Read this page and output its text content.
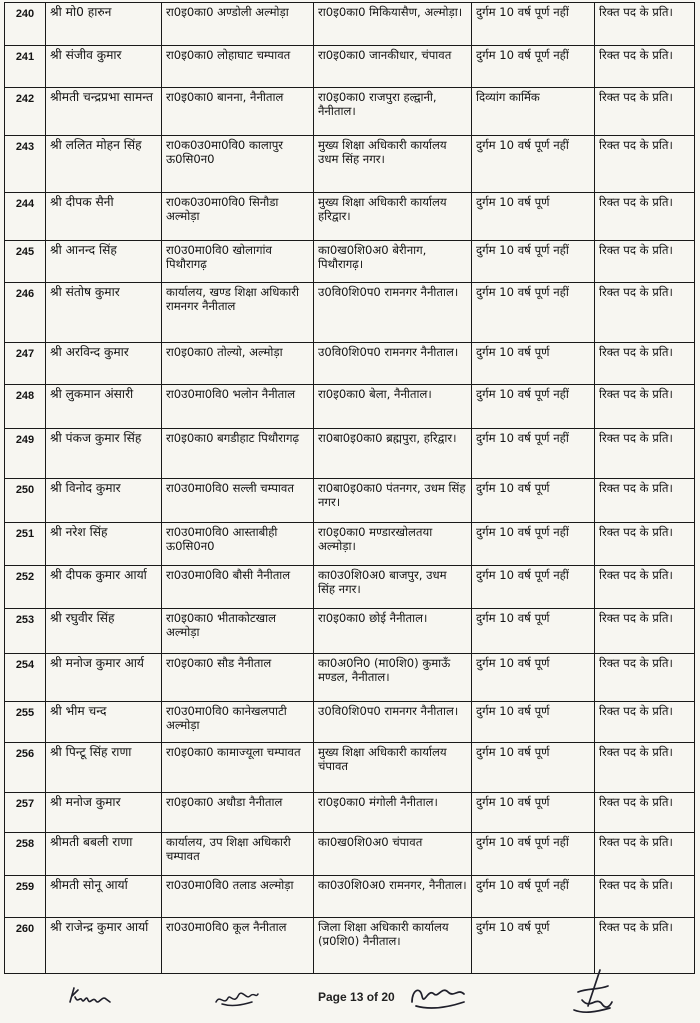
240	श्री मो0 हारुन	रा0इ0का0 अण्डोली अल्मोड़ा	रा0इ0का0 मिकियासैण, अल्मोड़ा।	दुर्गम 10 वर्ष पूर्ण नहीं	रिक्त पद के प्रति।
241	श्री संजीव कुमार	रा0इ0का0 लोहाघाट चम्पावत	रा0इ0का0 जानकीधार, चंपावत	दुर्गम 10 वर्ष पूर्ण नहीं	रिक्त पद के प्रति।
242	श्रीमती चन्द्रप्रभा सामन्त	रा0इ0का0 बानना, नैनीताल	रा0इ0का0 राजपुरा हल्द्वानी, नैनीताल।	दिव्यांग कार्मिक	रिक्त पद के प्रति।
243	श्री ललित मोहन सिंह	रा0क0उ0मा0वि0 कालापुर ऊ0सि0न0	मुख्य शिक्षा अधिकारी कार्यालय उधम सिंह नगर।	दुर्गम 10 वर्ष पूर्ण नहीं	रिक्त पद के प्रति।
244	श्री दीपक सैनी	रा0क0उ0मा0वि0 सिनौडा अल्मोड़ा	मुख्य शिक्षा अधिकारी कार्यालय हरिद्वार।	दुर्गम 10 वर्ष पूर्ण	रिक्त पद के प्रति।
245	श्री आनन्द सिंह	रा0उ0मा0वि0 खोलागांव पिथौरागढ़	का0ख0शि0अ0 बेरीनाग, पिथौरागढ़।	दुर्गम 10 वर्ष पूर्ण नहीं	रिक्त पद के प्रति।
246	श्री संतोष कुमार	कार्यालय, खण्ड शिक्षा अधिकारी रामनगर नैनीताल	उ0वि0शि0प0 रामनगर नैनीताल।	दुर्गम 10 वर्ष पूर्ण नहीं	रिक्त पद के प्रति।
247	श्री अरविन्द कुमार	रा0इ0का0 तोल्यो, अल्मोड़ा	उ0वि0शि0प0 रामनगर नैनीताल।	दुर्गम 10 वर्ष पूर्ण	रिक्त पद के प्रति।
248	श्री लुकमान अंसारी	रा0उ0मा0वि0 भलोन नैनीताल	रा0इ0का0 बेला, नैनीताल।	दुर्गम 10 वर्ष पूर्ण नहीं	रिक्त पद के प्रति।
249	श्री पंकज कुमार सिंह	रा0इ0का0 बगडीहाट पिथौरागढ़	रा0बा0इ0का0 ब्रह्मपुरा, हरिद्वार।	दुर्गम 10 वर्ष पूर्ण नहीं	रिक्त पद के प्रति।
250	श्री विनोद कुमार	रा0उ0मा0वि0 सल्ली चम्पावत	रा0बा0इ0का0 पंतनगर, उधम सिंह नगर।	दुर्गम 10 वर्ष पूर्ण	रिक्त पद के प्रति।
251	श्री नरेश सिंह	रा0उ0मा0वि0 आस्ताबीही ऊ0सि0न0	रा0इ0का0 मण्डारखोलतया अल्मोड़ा।	दुर्गम 10 वर्ष पूर्ण नहीं	रिक्त पद के प्रति।
252	श्री दीपक कुमार आर्या	रा0उ0मा0वि0 बौसी नैनीताल	का0उ0शि0अ0 बाजपुर, उधम सिंह नगर।	दुर्गम 10 वर्ष पूर्ण नहीं	रिक्त पद के प्रति।
253	श्री रघुवीर सिंह	रा0इ0का0 भीताकोटखाल अल्मोड़ा	रा0इ0का0 छोई नैनीताल।	दुर्गम 10 वर्ष पूर्ण	रिक्त पद के प्रति।
254	श्री मनोज कुमार आर्य	रा0इ0का0 सौड नैनीताल	का0अ0नि0 (मा0शि0) कुमाऊँ मण्डल, नैनीताल।	दुर्गम 10 वर्ष पूर्ण	रिक्त पद के प्रति।
255	श्री भीम चन्द	रा0उ0मा0वि0 कानेखलपाटी अल्मोड़ा	उ0वि0शि0प0 रामनगर नैनीताल।	दुर्गम 10 वर्ष पूर्ण	रिक्त पद के प्रति।
256	श्री पिन्टू सिंह राणा	रा0इ0का0 कामाज्यूला चम्पावत	मुख्य शिक्षा अधिकारी कार्यालय चंपावत	दुर्गम 10 वर्ष पूर्ण	रिक्त पद के प्रति।
257	श्री मनोज कुमार	रा0इ0का0 अधौडा नैनीताल	रा0इ0का0 मंगोली नैनीताल।	दुर्गम 10 वर्ष पूर्ण	रिक्त पद के प्रति।
258	श्रीमती बबली राणा	कार्यालय, उप शिक्षा अधिकारी चम्पावत	का0ख0शि0अ0 चंपावत	दुर्गम 10 वर्ष पूर्ण नहीं	रिक्त पद के प्रति।
259	श्रीमती सोनू आर्या	रा0उ0मा0वि0 तलाड अल्मोड़ा	का0उ0शि0अ0 रामनगर, नैनीताल।	दुर्गम 10 वर्ष पूर्ण नहीं	रिक्त पद के प्रति।
260	श्री राजेन्द्र कुमार आर्या	रा0उ0मा0वि0 कूल नैनीताल	जिला शिक्षा अधिकारी कार्यालय (प्र0शि0) नैनीताल।	दुर्गम 10 वर्ष पूर्ण	रिक्त पद के प्रति।
Page 13 of 20
